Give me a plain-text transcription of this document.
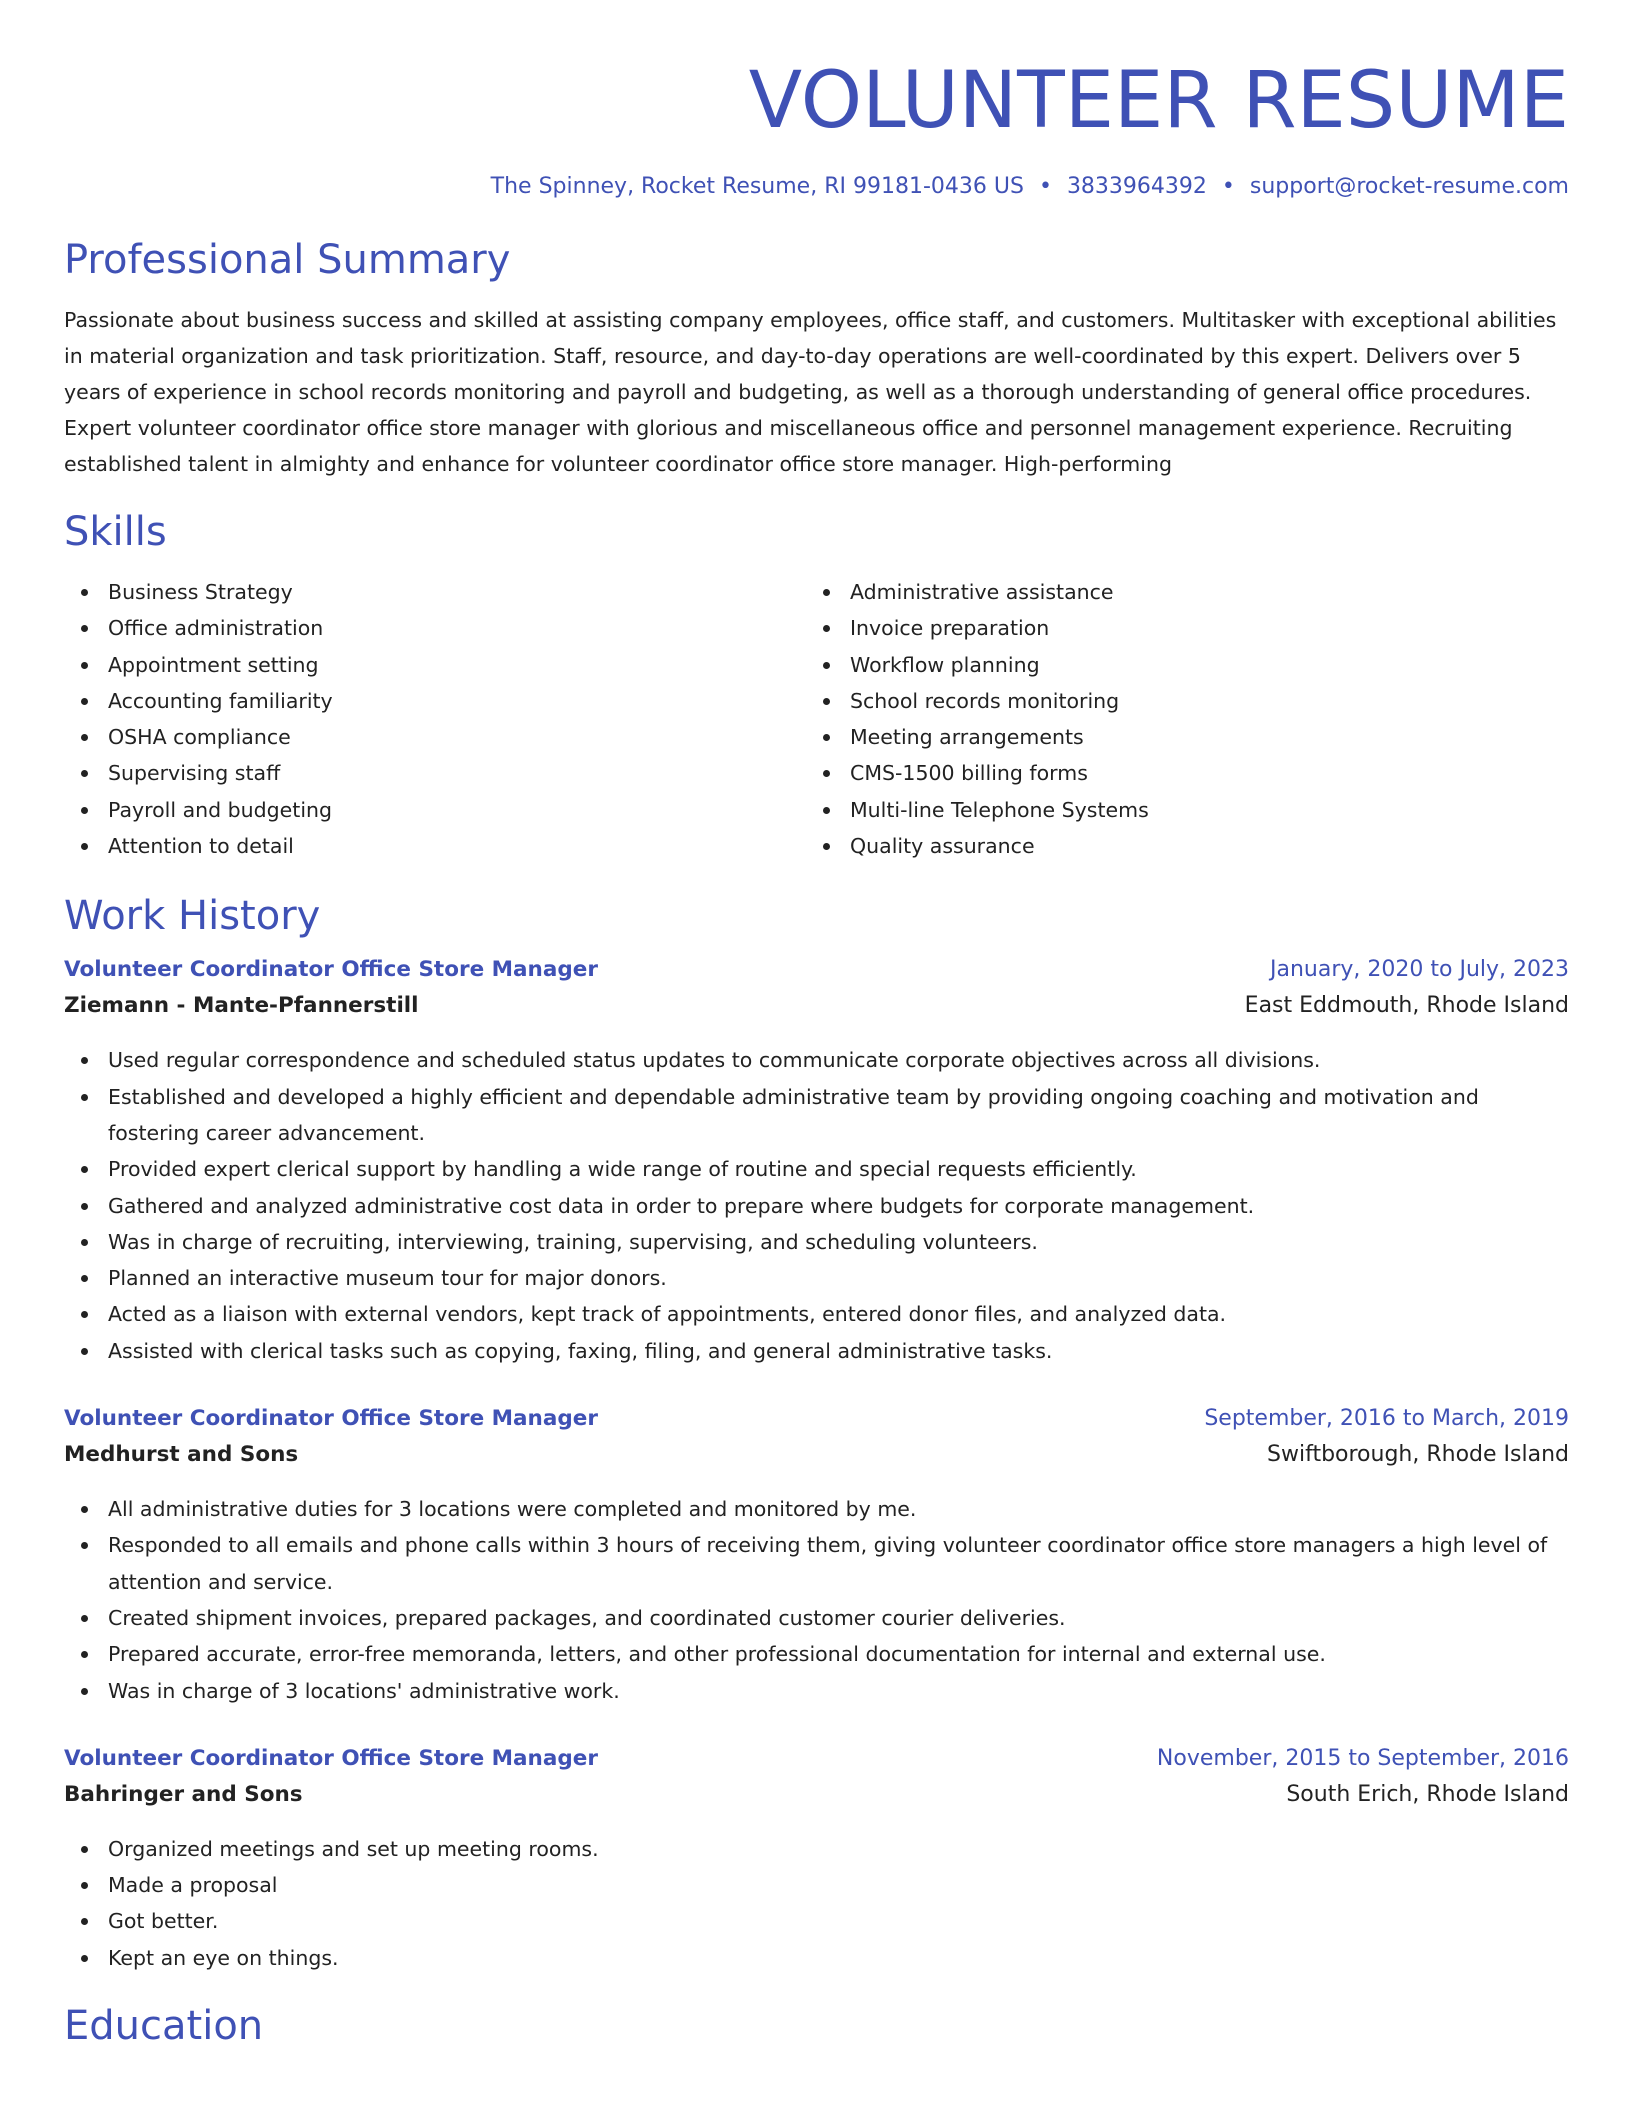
VOLUNTEER RESUME
The Spinney, Rocket Resume, RI 99181-0436 US • 3833964392 • support@rocket-resume.com
Professional Summary
Passionate about business success and skilled at assisting company employees, office staff, and customers. Multitasker with exceptional abilities in material organization and task prioritization. Staff, resource, and day-to-day operations are well-coordinated by this expert. Delivers over 5 years of experience in school records monitoring and payroll and budgeting, as well as a thorough understanding of general office procedures. Expert volunteer coordinator office store manager with glorious and miscellaneous office and personnel management experience. Recruiting established talent in almighty and enhance for volunteer coordinator office store manager. High-performing
Skills
Business Strategy
Office administration
Appointment setting
Accounting familiarity
OSHA compliance
Supervising staff
Payroll and budgeting
Attention to detail
Administrative assistance
Invoice preparation
Workflow planning
School records monitoring
Meeting arrangements
CMS-1500 billing forms
Multi-line Telephone Systems
Quality assurance
Work History
Volunteer Coordinator Office Store Manager	January, 2020 to July, 2023
Ziemann - Mante-Pfannerstill	East Eddmouth, Rhode Island
Used regular correspondence and scheduled status updates to communicate corporate objectives across all divisions.
Established and developed a highly efficient and dependable administrative team by providing ongoing coaching and motivation and fostering career advancement.
Provided expert clerical support by handling a wide range of routine and special requests efficiently.
Gathered and analyzed administrative cost data in order to prepare where budgets for corporate management.
Was in charge of recruiting, interviewing, training, supervising, and scheduling volunteers.
Planned an interactive museum tour for major donors.
Acted as a liaison with external vendors, kept track of appointments, entered donor files, and analyzed data.
Assisted with clerical tasks such as copying, faxing, filing, and general administrative tasks.
Volunteer Coordinator Office Store Manager	September, 2016 to March, 2019
Medhurst and Sons	Swiftborough, Rhode Island
All administrative duties for 3 locations were completed and monitored by me.
Responded to all emails and phone calls within 3 hours of receiving them, giving volunteer coordinator office store managers a high level of attention and service.
Created shipment invoices, prepared packages, and coordinated customer courier deliveries.
Prepared accurate, error-free memoranda, letters, and other professional documentation for internal and external use.
Was in charge of 3 locations' administrative work.
Volunteer Coordinator Office Store Manager	November, 2015 to September, 2016
Bahringer and Sons	South Erich, Rhode Island
Organized meetings and set up meeting rooms.
Made a proposal
Got better.
Kept an eye on things.
Education
